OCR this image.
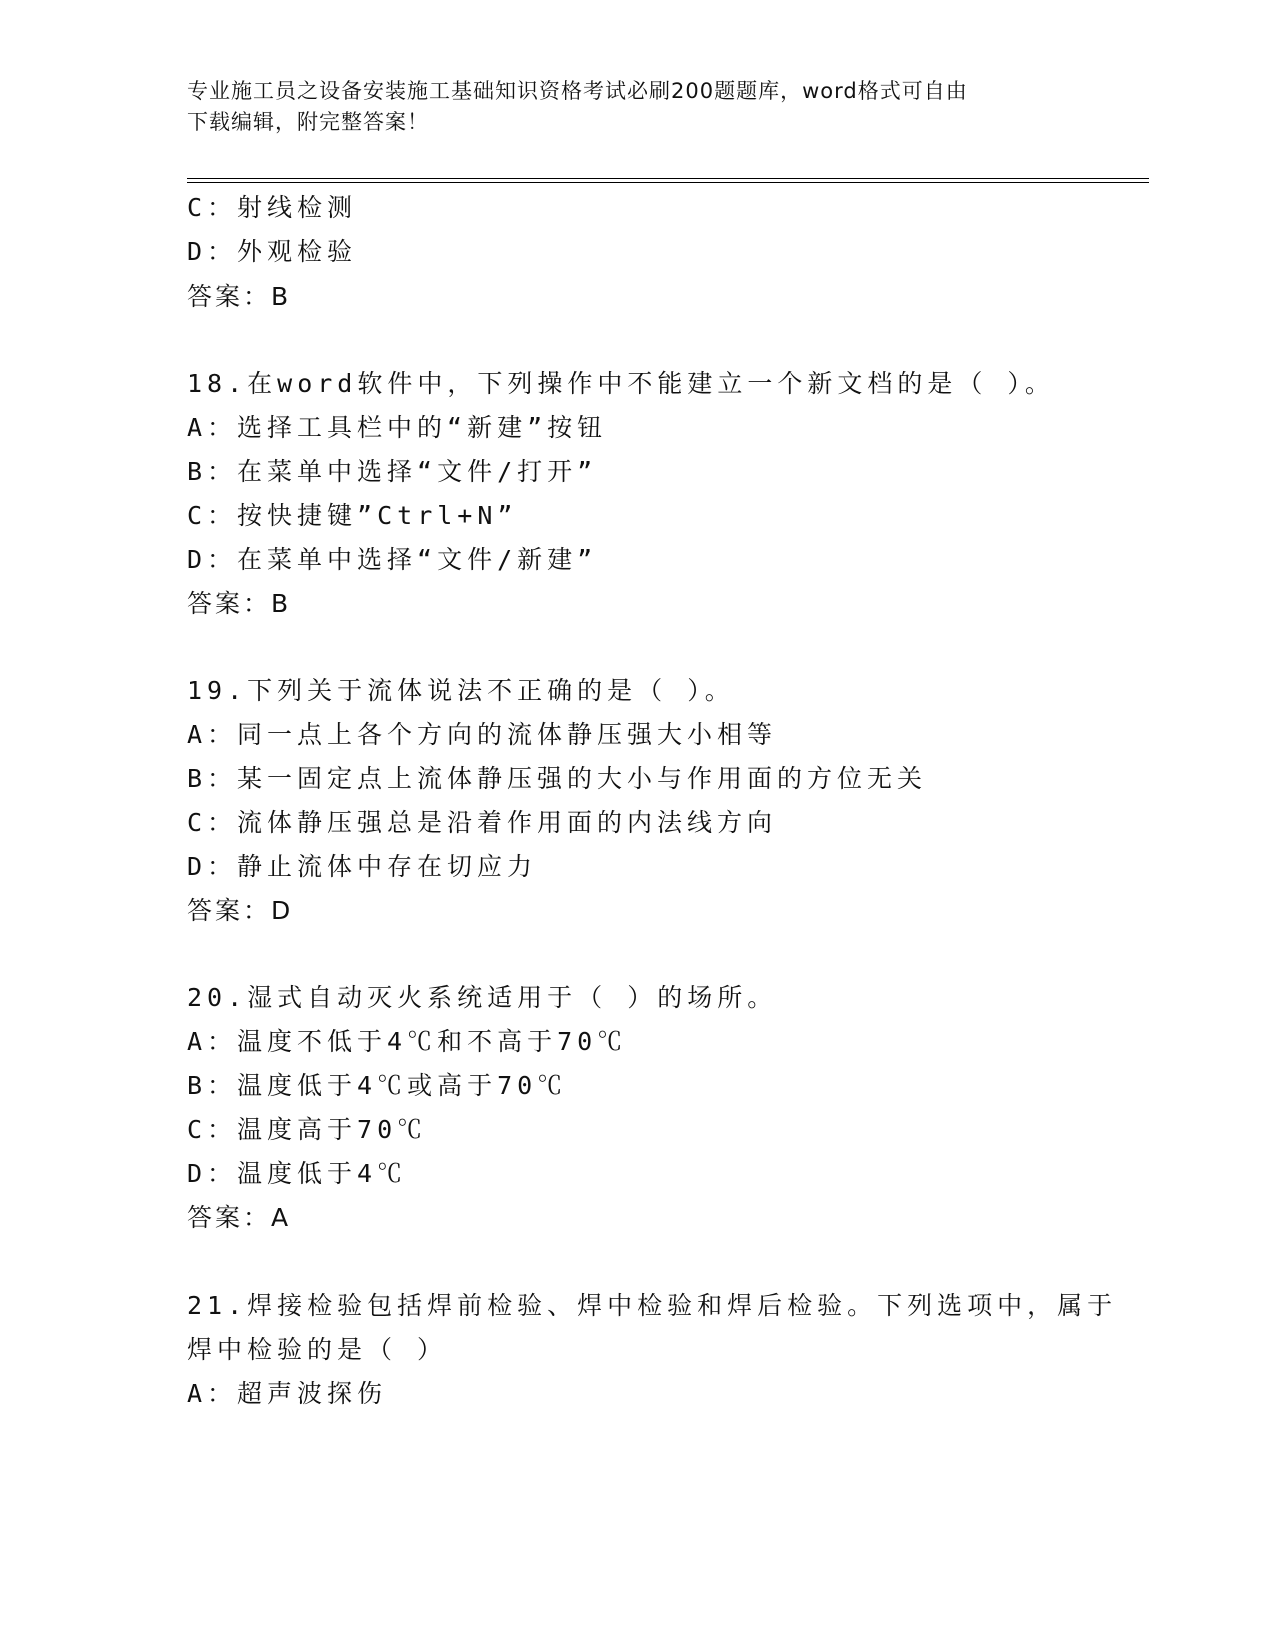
专业施工员之设备安装施工基础知识资格考试必刷200题题库，word格式可自由
下载编辑，附完整答案！
C：射线检测
D：外观检验
答案：B
18.在word软件中，下列操作中不能建立一个新文档的是（ ）。
A：选择工具栏中的“新建”按钮
B：在菜单中选择“文件/打开”
C：按快捷键”Ctrl+N”
D：在菜单中选择“文件/新建”
答案：B
19.下列关于流体说法不正确的是（ ）。
A：同一点上各个方向的流体静压强大小相等
B：某一固定点上流体静压强的大小与作用面的方位无关
C：流体静压强总是沿着作用面的内法线方向
D：静止流体中存在切应力
答案：D
20.湿式自动灭火系统适用于（ ）的场所。
A：温度不低于4℃和不高于70℃
B：温度低于4℃或高于70℃
C：温度高于70℃
D：温度低于4℃
答案：A
21.焊接检验包括焊前检验、焊中检验和焊后检验。下列选项中，属于
焊中检验的是（ ）
A：超声波探伤
